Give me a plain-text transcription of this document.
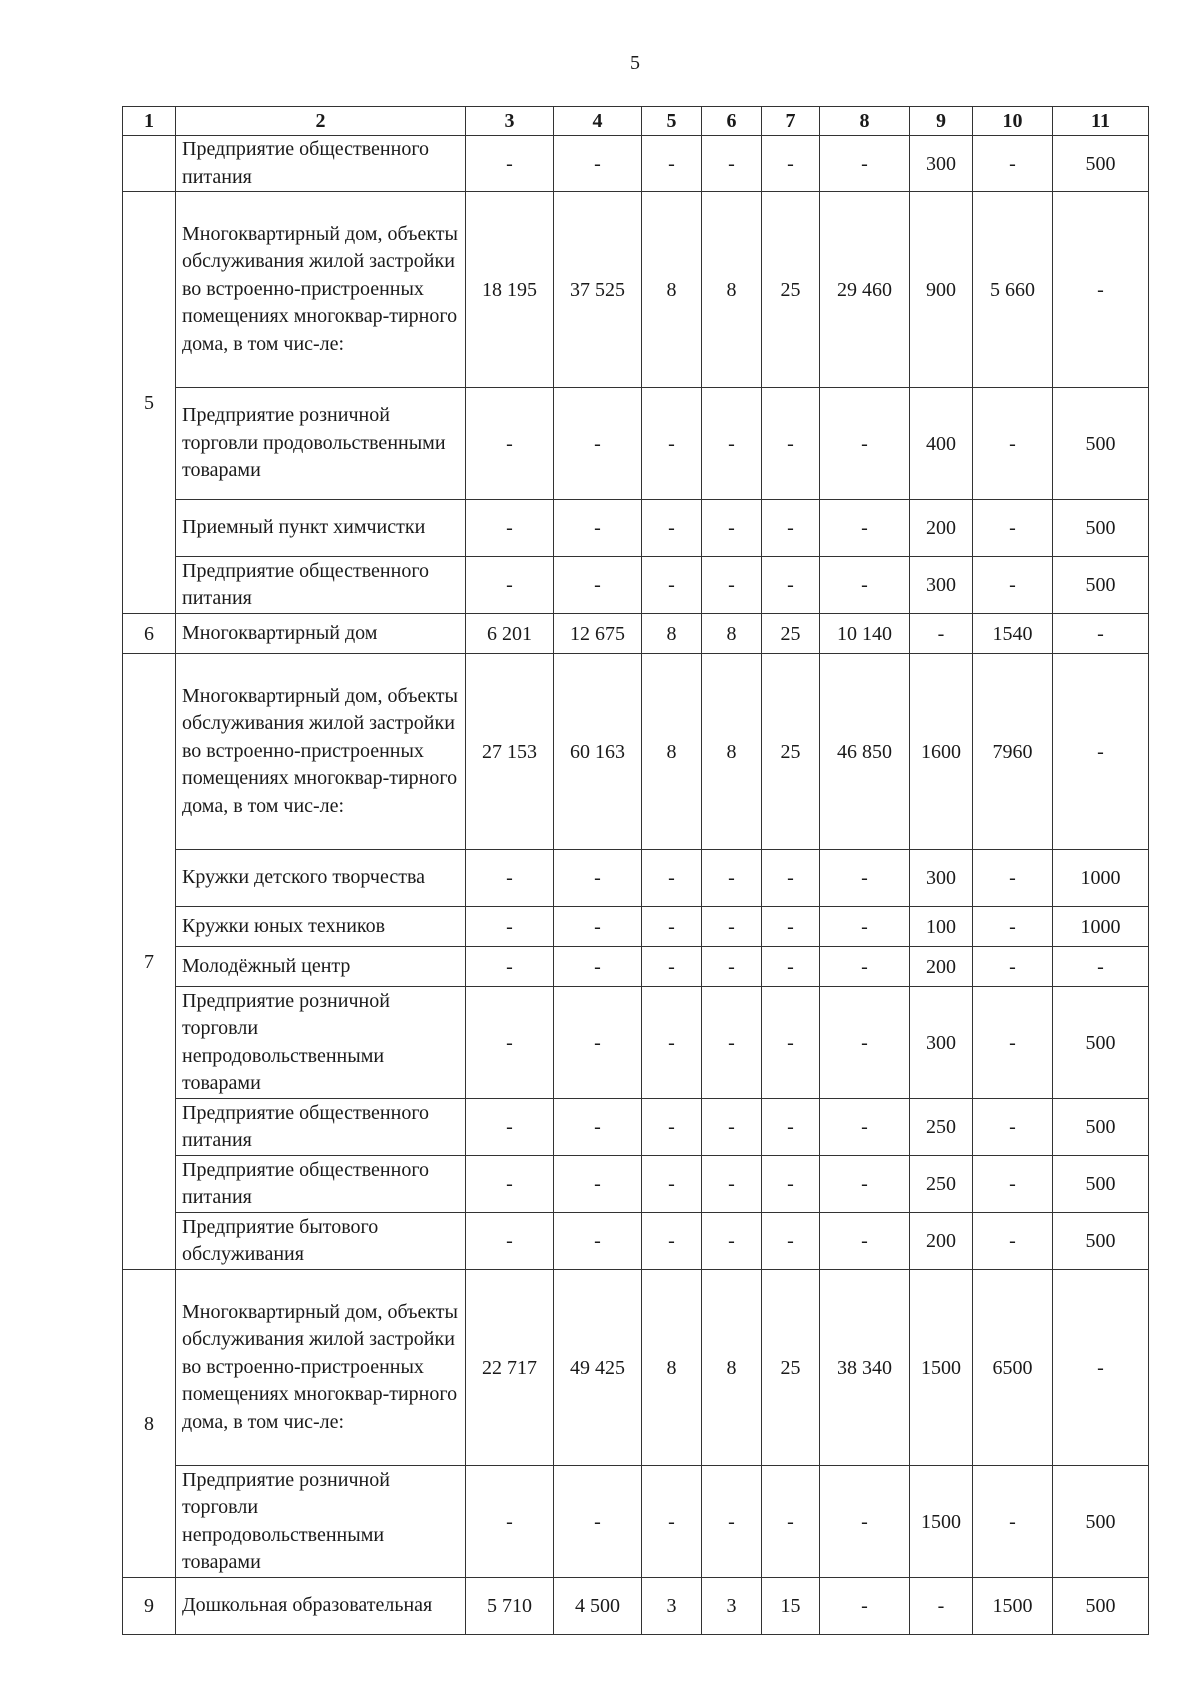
5
1	2	3	4	5	6	7	8	9	10	11
	Предприятие общественного питания	-	-	-	-	-	-	300	-	500
5	Многоквартирный дом, объекты обслуживания жилой застройки во встроенно-пристроенных помещениях многоквар-тирного дома, в том чис-ле:	18 195	37 525	8	8	25	29 460	900	5 660	-
	Предприятие розничной торговли продовольственными товарами	-	-	-	-	-	-	400	-	500
	Приемный пункт химчистки	-	-	-	-	-	-	200	-	500
	Предприятие общественного питания	-	-	-	-	-	-	300	-	500
6	Многоквартирный дом	6 201	12 675	8	8	25	10 140	-	1540	-
7	Многоквартирный дом, объекты обслуживания жилой застройки во встроенно-пристроенных помещениях многоквар-тирного дома, в том чис-ле:	27 153	60 163	8	8	25	46 850	1600	7960	-
	Кружки детского творчества	-	-	-	-	-	-	300	-	1000
	Кружки юных техников	-	-	-	-	-	-	100	-	1000
	Молодёжный центр	-	-	-	-	-	-	200	-	-
	Предприятие розничной торговли непродовольственными товарами	-	-	-	-	-	-	300	-	500
	Предприятие общественного питания	-	-	-	-	-	-	250	-	500
	Предприятие общественного питания	-	-	-	-	-	-	250	-	500
	Предприятие бытового обслуживания	-	-	-	-	-	-	200	-	500
8	Многоквартирный дом, объекты обслуживания жилой застройки во встроенно-пристроенных помещениях многоквар-тирного дома, в том чис-ле:	22 717	49 425	8	8	25	38 340	1500	6500	-
	Предприятие розничной торговли непродовольственными товарами	-	-	-	-	-	-	1500	-	500
9	Дошкольная образовательная	5 710	4 500	3	3	15	-	-	1500	500
